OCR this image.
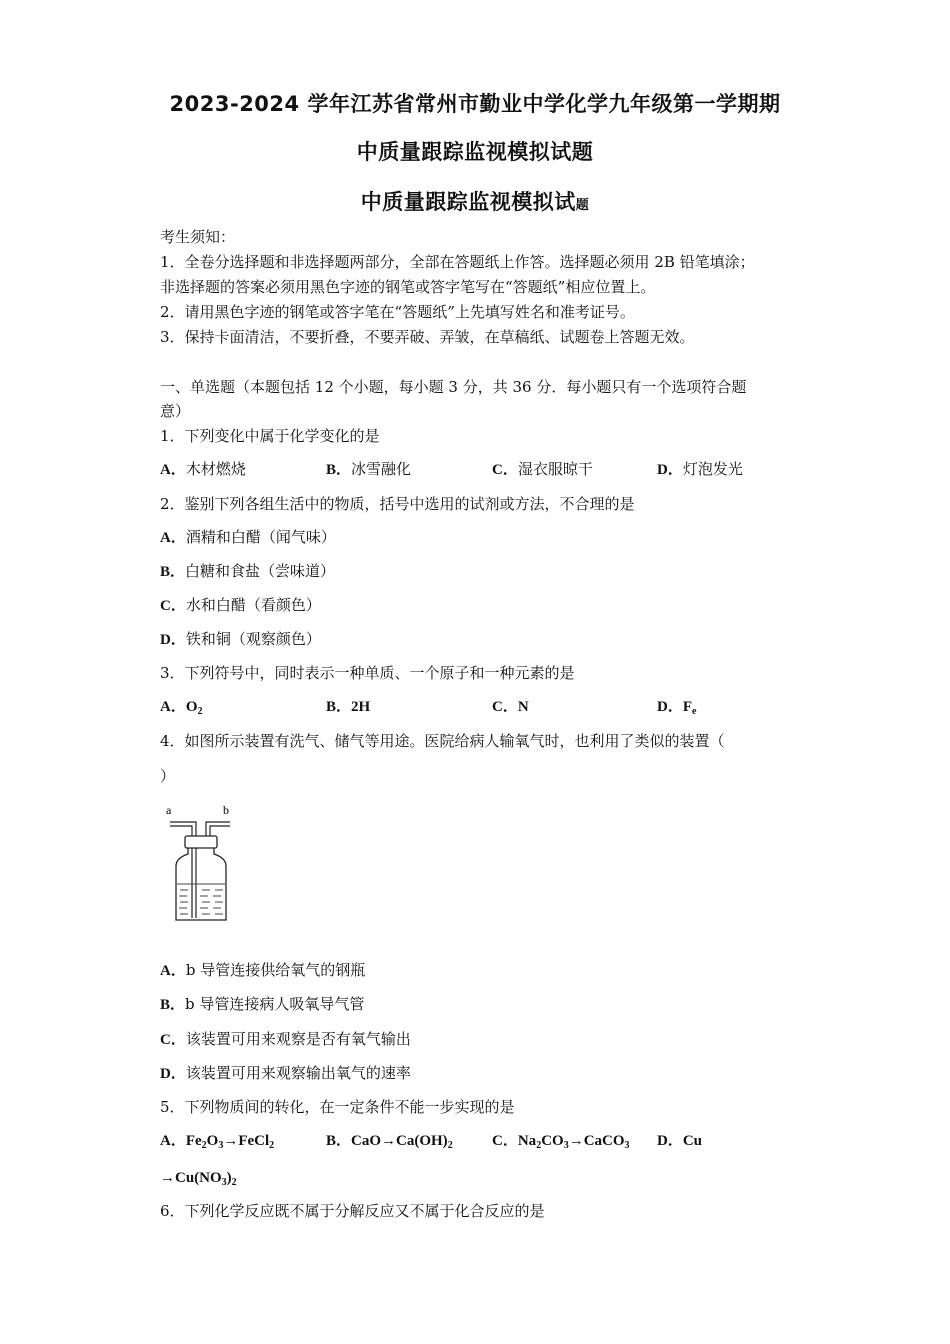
2023-2024 学年江苏省常州市勤业中学化学九年级第一学期期
中质量跟踪监视模拟试题
中质量跟踪监视模拟试题
考生须知：
1．全卷分选择题和非选择题两部分，全部在答题纸上作答。选择题必须用 2B 铅笔填涂；
非选择题的答案必须用黑色字迹的钢笔或答字笔写在“答题纸”相应位置上。
2．请用黑色字迹的钢笔或答字笔在“答题纸”上先填写姓名和准考证号。
3．保持卡面清洁，不要折叠，不要弄破、弄皱，在草稿纸、试题卷上答题无效。
一、单选题（本题包括 12 个小题，每小题 3 分，共 36 分．每小题只有一个选项符合题
意）
1．下列变化中属于化学变化的是
A．木材燃烧	B．冰雪融化	C．湿衣服晾干	D．灯泡发光
2．鉴别下列各组生活中的物质，括号中选用的试剂或方法，不合理的是
A．酒精和白醋（闻气味）
B．白糖和食盐（尝味道）
C．水和白醋（看颜色）
D．铁和铜（观察颜色）
3．下列符号中，同时表示一种单质、一个原子和一种元素的是
A．$O_2$	B．2H	C．N	D．$F_e$
4．如图所示装置有洗气、储气等用途。医院给病人输氧气时，也利用了类似的装置（
）
a	b
A．b 导管连接供给氧气的钢瓶
B．b 导管连接病人吸氧导气管
C．该装置可用来观察是否有氧气输出
D．该装置可用来观察输出氧气的速率
5．下列物质间的转化，在一定条件不能一步实现的是
A．$Fe_2O_3\to FeCl_2$	B．$CaO\to Ca(OH)_2$	C．$Na_2CO_3\to CaCO_3$ D．Cu
$\to Cu(NO_3)_2$
6．下列化学反应既不属于分解反应又不属于化合反应的是
